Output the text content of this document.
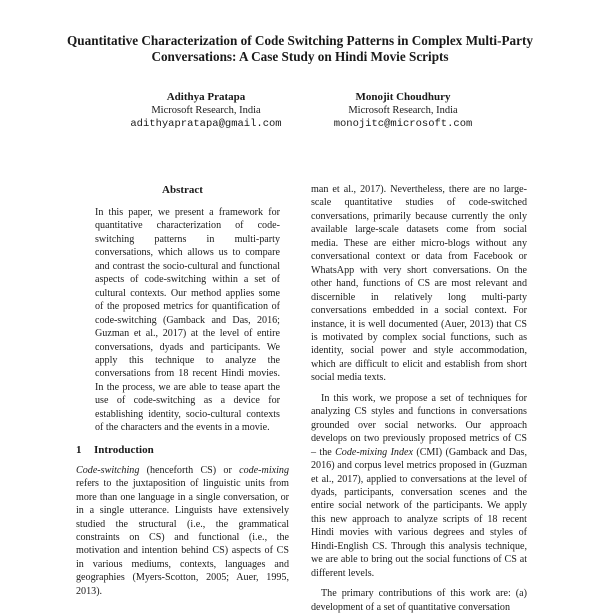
Quantitative Characterization of Code Switching Patterns in Complex Multi-Party Conversations: A Case Study on Hindi Movie Scripts
Adithya Pratapa
Microsoft Research, India
adithyapratapa@gmail.com
Monojit Choudhury
Microsoft Research, India
monojitc@microsoft.com
Abstract

In this paper, we present a framework for quantitative characterization of code-switching patterns in multi-party conversations, which allows us to compare and contrast the socio-cultural and functional aspects of code-switching within a set of cultural contexts. Our method applies some of the proposed metrics for quantification of code-switching (Gamback and Das, 2016; Guzman et al., 2017) at the level of entire conversations, dyads and participants. We apply this technique to analyze the conversations from 18 recent Hindi movies. In the process, we are able to tease apart the use of code-switching as a device for establishing identity, socio-cultural contexts of the characters and the events in a movie.

1 Introduction

Code-switching (henceforth CS) or code-mixing refers to the juxtaposition of linguistic units from more than one language in a single conversation, or in a single utterance. Linguists have extensively studied the structural (i.e., the grammatical constraints on CS) and functional (i.e., the motivation and intention behind CS) aspects of CS in various mediums, contexts, languages and geographies (Myers-Scotton, 2005; Auer, 1995, 2013).

man et al., 2017). Nevertheless, there are no large-scale quantitative studies of code-switched conversations, primarily because currently the only available large-scale datasets come from social media. These are either micro-blogs without any conversational context or data from Facebook or WhatsApp with very short conversations. On the other hand, functions of CS are most relevant and discernible in relatively long multi-party conversations embedded in a social context. For instance, it is well documented (Auer, 2013) that CS is motivated by complex social functions, such as identity, social power and style accommodation, which are difficult to elicit and establish from short social media texts.

In this work, we propose a set of techniques for analyzing CS styles and functions in conversations grounded over social networks. Our approach develops on two previously proposed metrics of CS – the Code-mixing Index (CMI) (Gamback and Das, 2016) and corpus level metrics proposed in (Guzman et al., 2017), applied to conversations at the level of dyads, participants, conversation scenes and the entire social network of the participants. We apply this new approach to analyze scripts of 18 recent Hindi movies with various degrees and styles of Hindi-English CS. Through this analysis technique, we are able to bring out the social functions of CS at different levels.

The primary contributions of this work are: (a) development of a set of quantitative conversation
